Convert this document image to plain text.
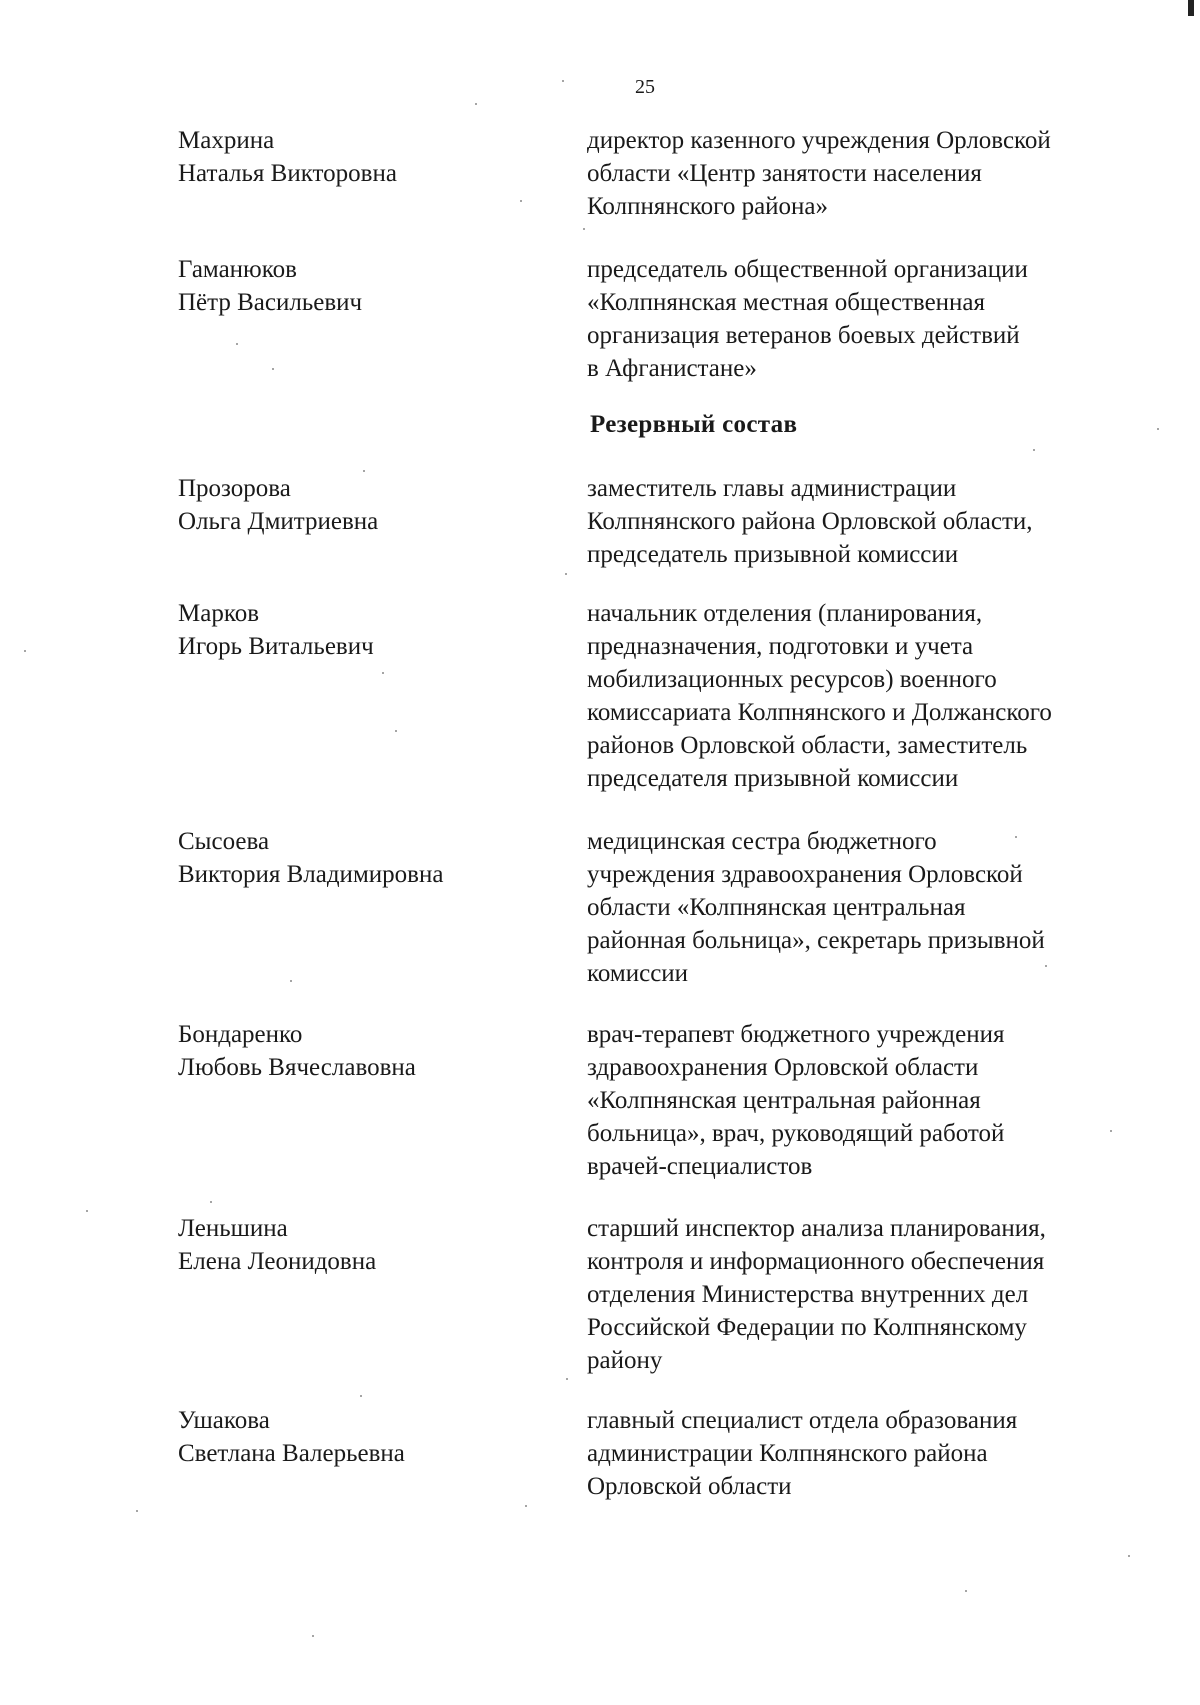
25
Махрина
Наталья Викторовна
директор казенного учреждения Орловской
области «Центр занятости населения
Колпнянского района»
Гаманюков
Пётр Васильевич
председатель общественной организации
«Колпнянская местная общественная
организация ветеранов боевых действий
в Афганистане»
Резервный состав
Прозорова
Ольга Дмитриевна
заместитель главы администрации
Колпнянского района Орловской области,
председатель призывной комиссии
Марков
Игорь Витальевич
начальник отделения (планирования,
предназначения, подготовки и учета
мобилизационных ресурсов) военного
комиссариата Колпнянского и Должанского
районов Орловской области, заместитель
председателя призывной комиссии
Сысоева
Виктория Владимировна
медицинская сестра бюджетного
учреждения здравоохранения Орловской
области «Колпнянская центральная
районная больница», секретарь призывной
комиссии
Бондаренко
Любовь Вячеславовна
врач-терапевт бюджетного учреждения
здравоохранения Орловской области
«Колпнянская центральная районная
больница», врач, руководящий работой
врачей-специалистов
Леньшина
Елена Леонидовна
старший инспектор анализа планирования,
контроля и информационного обеспечения
отделения Министерства внутренних дел
Российской Федерации по Колпнянскому
району
Ушакова
Светлана Валерьевна
главный специалист отдела образования
администрации Колпнянского района
Орловской области
